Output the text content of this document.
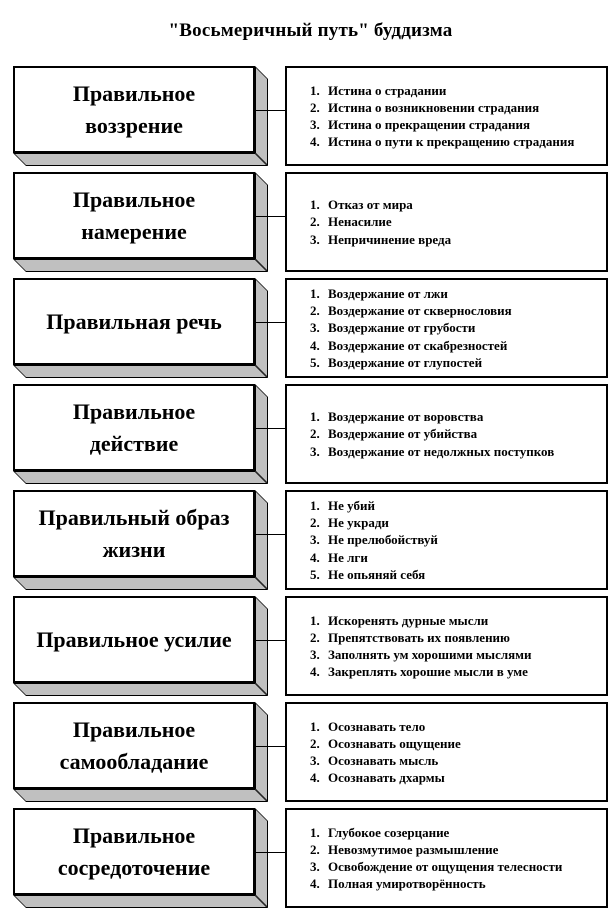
"Восьмеричный путь" буддизма
Правильное воззрение
1. Истина о страдании
2. Истина о возникновении страдания
3. Истина о прекращении страдания
4. Истина о пути к прекращению страдания
Правильное намерение
1. Отказ от мира
2. Ненасилие
3. Непричинение вреда
Правильная речь
1. Воздержание от лжи
2. Воздержание от сквернословия
3. Воздержание от грубости
4. Воздержание от скабрезностей
5. Воздержание от глупостей
Правильное действие
1. Воздержание от воровства
2. Воздержание от убийства
3. Воздержание от недолжных поступков
Правильный образ жизни
1. Не убий
2. Не укради
3. Не прелюбойствуй
4. Не лги
5. Не опьяняй себя
Правильное усилие
1. Искоренять дурные мысли
2. Препятствовать их появлению
3. Заполнять ум хорошими мыслями
4. Закреплять хорошие мысли в уме
Правильное самообладание
1. Осознавать тело
2. Осознавать ощущение
3. Осознавать мысль
4. Осознавать дхармы
Правильное сосредоточение
1. Глубокое созерцание
2. Невозмутимое размышление
3. Освобождение от ощущения телесности
4. Полная умиротворённость
